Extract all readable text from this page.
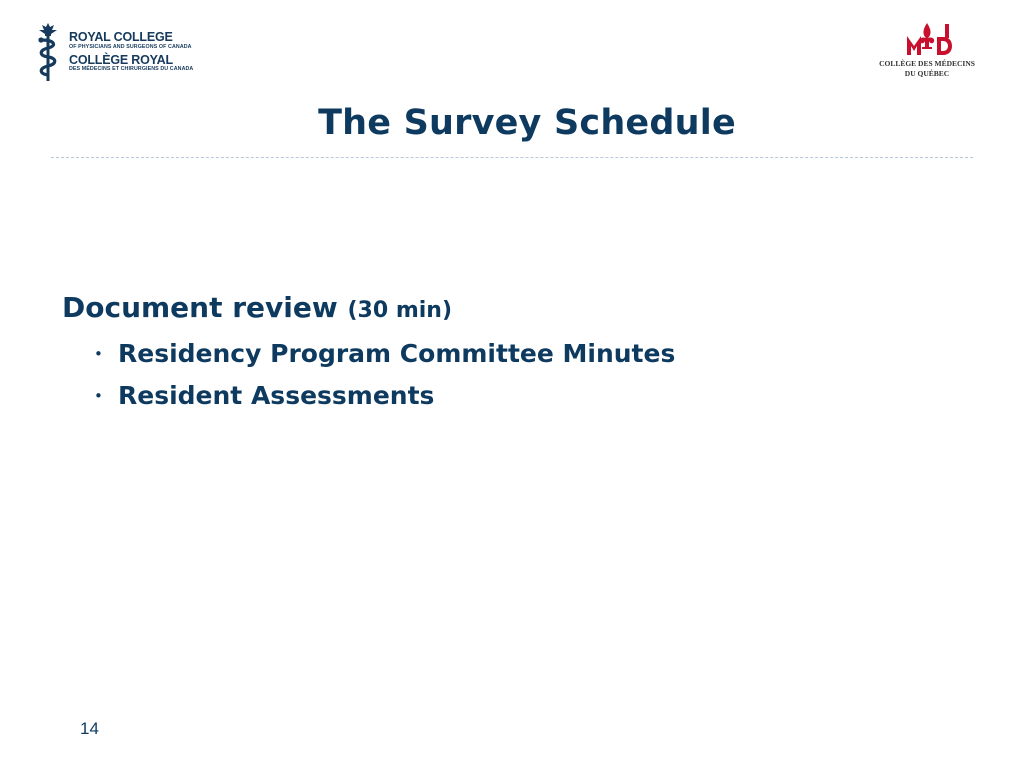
ROYAL COLLEGE
OF PHYSICIANS AND SURGEONS OF CANADA
COLLÈGE ROYAL
DES MÉDECINS ET CHIRURGIENS DU CANADA
COLLÈGE DES MÉDECINS
DU QUÉBEC
The Survey Schedule
Document review (30 min)
• Residency Program Committee Minutes
• Resident Assessments
14
